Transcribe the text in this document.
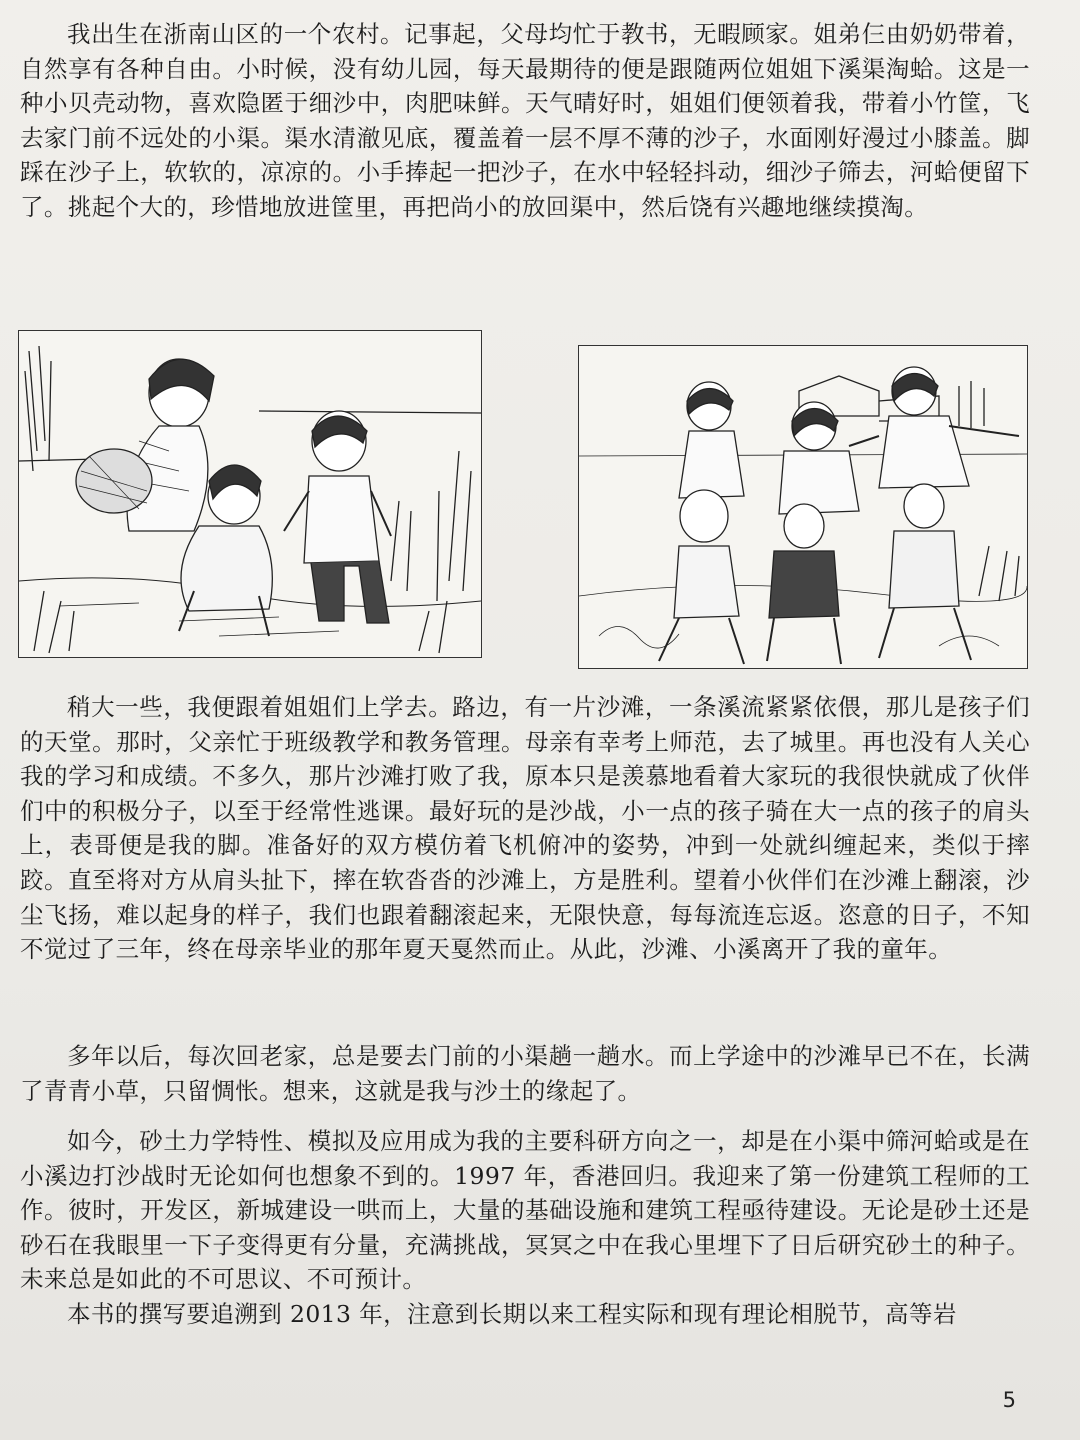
我出生在浙南山区的一个农村。记事起，父母均忙于教书，无暇顾家。姐弟仨由奶奶带着，自然享有各种自由。小时候，没有幼儿园，每天最期待的便是跟随两位姐姐下溪渠淘蛤。这是一种小贝壳动物，喜欢隐匿于细沙中，肉肥味鲜。天气晴好时，姐姐们便领着我，带着小竹筐，飞去家门前不远处的小渠。渠水清澈见底，覆盖着一层不厚不薄的沙子，水面刚好漫过小膝盖。脚踩在沙子上，软软的，凉凉的。小手捧起一把沙子，在水中轻轻抖动，细沙子筛去，河蛤便留下了。挑起个大的，珍惜地放进筐里，再把尚小的放回渠中，然后饶有兴趣地继续摸淘。

稍大一些，我便跟着姐姐们上学去。路边，有一片沙滩，一条溪流紧紧依偎，那儿是孩子们的天堂。那时，父亲忙于班级教学和教务管理。母亲有幸考上师范，去了城里。再也没有人关心我的学习和成绩。不多久，那片沙滩打败了我，原本只是羡慕地看着大家玩的我很快就成了伙伴们中的积极分子，以至于经常性逃课。最好玩的是沙战，小一点的孩子骑在大一点的孩子的肩头上，表哥便是我的脚。准备好的双方模仿着飞机俯冲的姿势，冲到一处就纠缠起来，类似于摔跤。直至将对方从肩头扯下，摔在软沓沓的沙滩上，方是胜利。望着小伙伴们在沙滩上翻滚，沙尘飞扬，难以起身的样子，我们也跟着翻滚起来，无限快意，每每流连忘返。恣意的日子，不知不觉过了三年，终在母亲毕业的那年夏天戛然而止。从此，沙滩、小溪离开了我的童年。

多年以后，每次回老家，总是要去门前的小渠趟一趟水。而上学途中的沙滩早已不在，长满了青青小草，只留惆怅。想来，这就是我与沙土的缘起了。

如今，砂土力学特性、模拟及应用成为我的主要科研方向之一，却是在小渠中筛河蛤或是在小溪边打沙战时无论如何也想象不到的。1997 年，香港回归。我迎来了第一份建筑工程师的工作。彼时，开发区，新城建设一哄而上，大量的基础设施和建筑工程亟待建设。无论是砂土还是砂石在我眼里一下子变得更有分量，充满挑战，冥冥之中在我心里埋下了日后研究砂土的种子。未来总是如此的不可思议、不可预计。

本书的撰写要追溯到 2013 年，注意到长期以来工程实际和现有理论相脱节，高等岩

5
